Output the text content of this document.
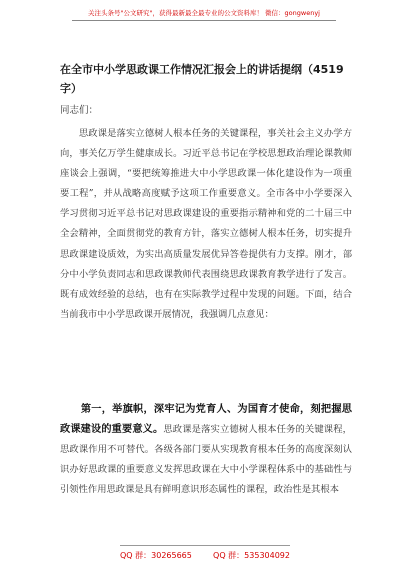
关注头条号"公文研究"，获得最新最全最专业的公文资料库！ 微信：gongwenyj
在全市中小学思政课工作情况汇报会上的讲话提纲（4519字）
同志们：

　　思政课是落实立德树人根本任务的关键课程，事关社会主义办学方向，事关亿万学生健康成长。习近平总书记在学校思想政治理论课教师座谈会上强调，“要把统筹推进大中小学思政课一体化建设作为一项重要工程”，并从战略高度赋予这项工作重要意义。全市各中小学要深入学习贯彻习近平总书记对思政课建设的重要指示精神和党的二十届三中全会精神，全面贯彻党的教育方针，落实立德树人根本任务，切实提升思政课建设质效，为实出高质量发展优异答卷提供有力支撑。刚才，部分中小学负责同志和思政课教师代表围绕思政课教育教学进行了发言。既有成效经验的总结，也有在实际教学过程中发现的问题。下面，结合当前我市中小学思政课开展情况，我强调几点意见：

　　第一，举旗帜，深牢记为党育人、为国育才使命，刻把握思政课建设的重要意义。思政课是落实立德树人根本任务的关键课程，思政课作用不可替代。各级各部门要从实现教育根本任务的高度深刻认识办好思政课的重要意义发挥思政课在大中小学课程体系中的基础性与引领性作用思政课是具有鲜明意识形态属性的课程，政治性是其根本

QQ 群：30265665	QQ 群：535304092
